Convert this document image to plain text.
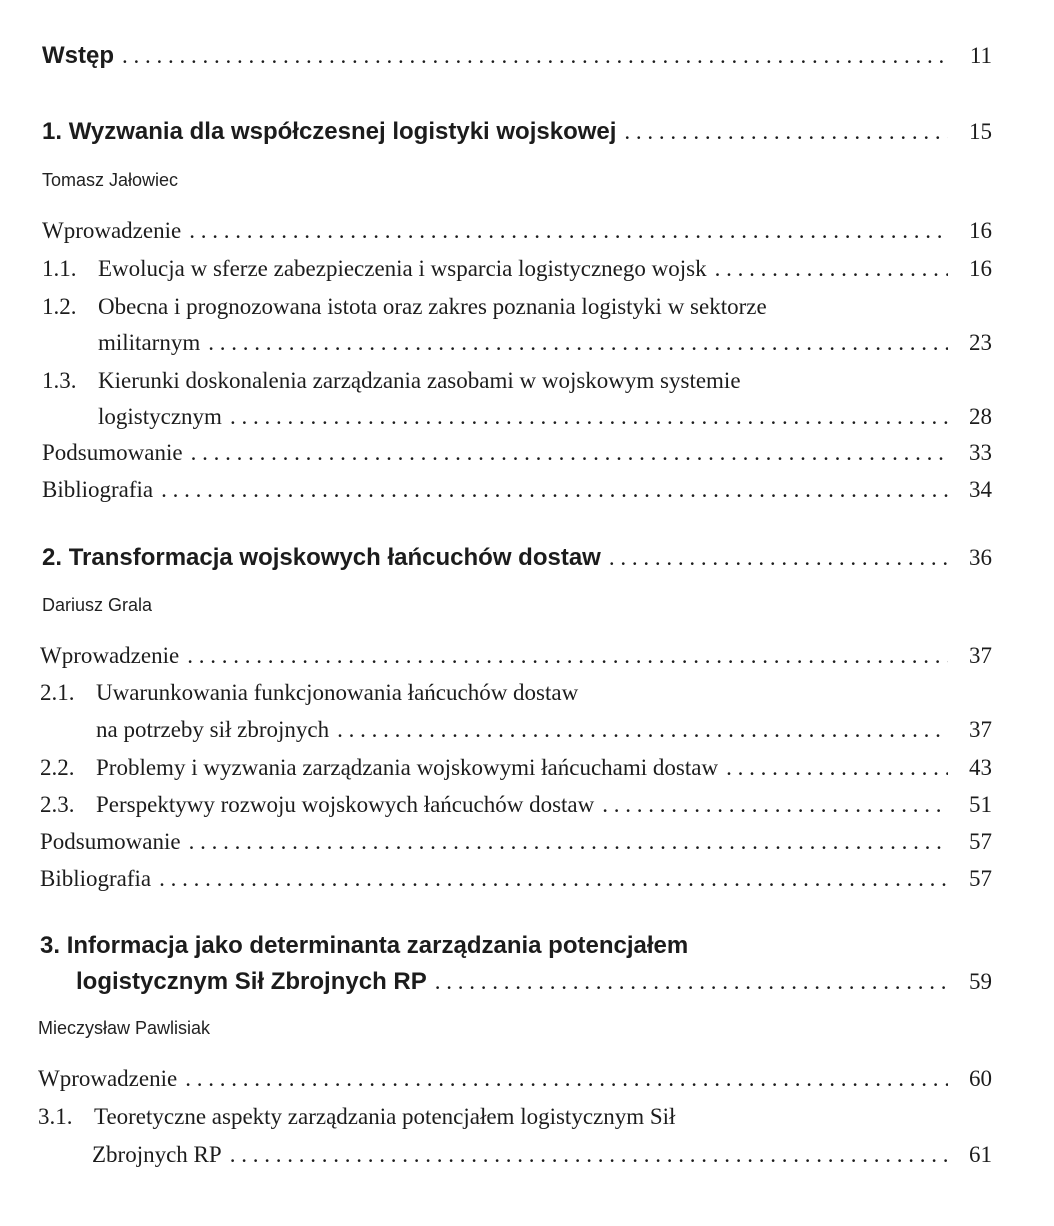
Wstęp . . .	11
1. Wyzwania dla współczesnej logistyki wojskowej . . .	15
Tomasz Jałowiec
Wprowadzenie . . .	16
1.1. Ewolucja w sferze zabezpieczenia i wsparcia logistycznego wojsk . . .	16
1.2. Obecna i prognozowana istota oraz zakres poznania logistyki w sektorze
militarnym . . .	23
1.3. Kierunki doskonalenia zarządzania zasobami w wojskowym systemie
logistycznym . . .	28
Podsumowanie . . .	33
Bibliografia . . .	34
2. Transformacja wojskowych łańcuchów dostaw . . .	36
Dariusz Grala
Wprowadzenie . . .	37
2.1. Uwarunkowania funkcjonowania łańcuchów dostaw
na potrzeby sił zbrojnych . . .	37
2.2. Problemy i wyzwania zarządzania wojskowymi łańcuchami dostaw . . .	43
2.3. Perspektywy rozwoju wojskowych łańcuchów dostaw . . .	51
Podsumowanie . . .	57
Bibliografia . . .	57
3. Informacja jako determinanta zarządzania potencjałem
logistycznym Sił Zbrojnych RP . . .	59
Mieczysław Pawlisiak
Wprowadzenie . . .	60
3.1. Teoretyczne aspekty zarządzania potencjałem logistycznym Sił
Zbrojnych RP . . .	61
